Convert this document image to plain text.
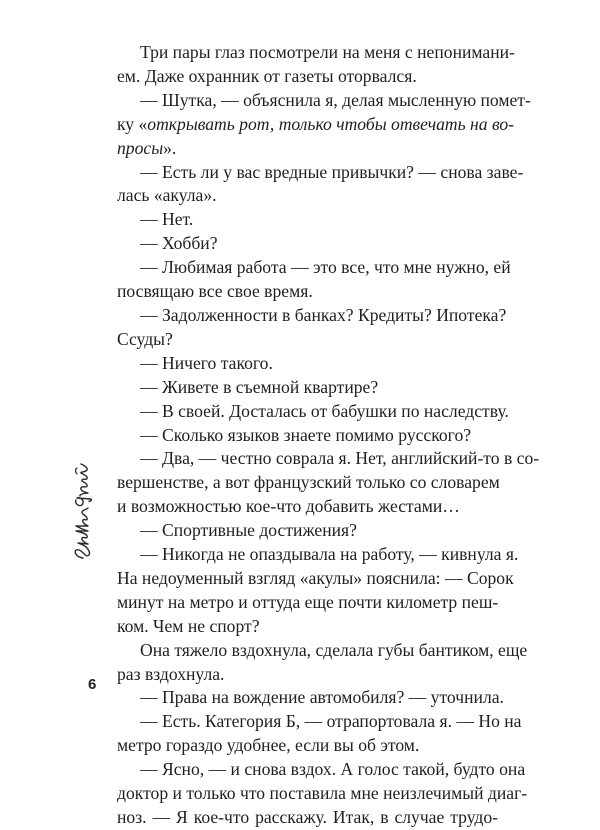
Три пары глаз посмотрели на меня с непонимани-
ем. Даже охранник от газеты оторвался.
— Шутка, — объяснила я, делая мысленную помет-
ку «открывать рот, только чтобы отвечать на во-
просы».
— Есть ли у вас вредные привычки? — снова заве-
лась «акула».
— Нет.
— Хобби?
— Любимая работа — это все, что мне нужно, ей
посвящаю все свое время.
— Задолженности в банках? Кредиты? Ипотека?
Ссуды?
— Ничего такого.
— Живете в съемной квартире?
— В своей. Досталась от бабушки по наследству.
— Сколько языков знаете помимо русского?
— Два, — честно соврала я. Нет, английский-то в со-
вершенстве, а вот французский только со словарем
и возможностью кое-что добавить жестами…
— Спортивные достижения?
— Никогда не опаздывала на работу, — кивнула я.
На недоуменный взгляд «акулы» пояснила: — Сорок
минут на метро и оттуда еще почти километр пеш-
ком. Чем не спорт?
Она тяжело вздохнула, сделала губы бантиком, еще
раз вздохнула.
— Права на вождение автомобиля? — уточнила.
— Есть. Категория Б, — отрапортовала я. — Но на
метро гораздо удобнее, если вы об этом.
— Ясно, — и снова вздох. А голос такой, будто она
доктор и только что поставила мне неизлечимый диаг-
ноз. — Я кое-что расскажу. Итак, в случае трудо-
6
